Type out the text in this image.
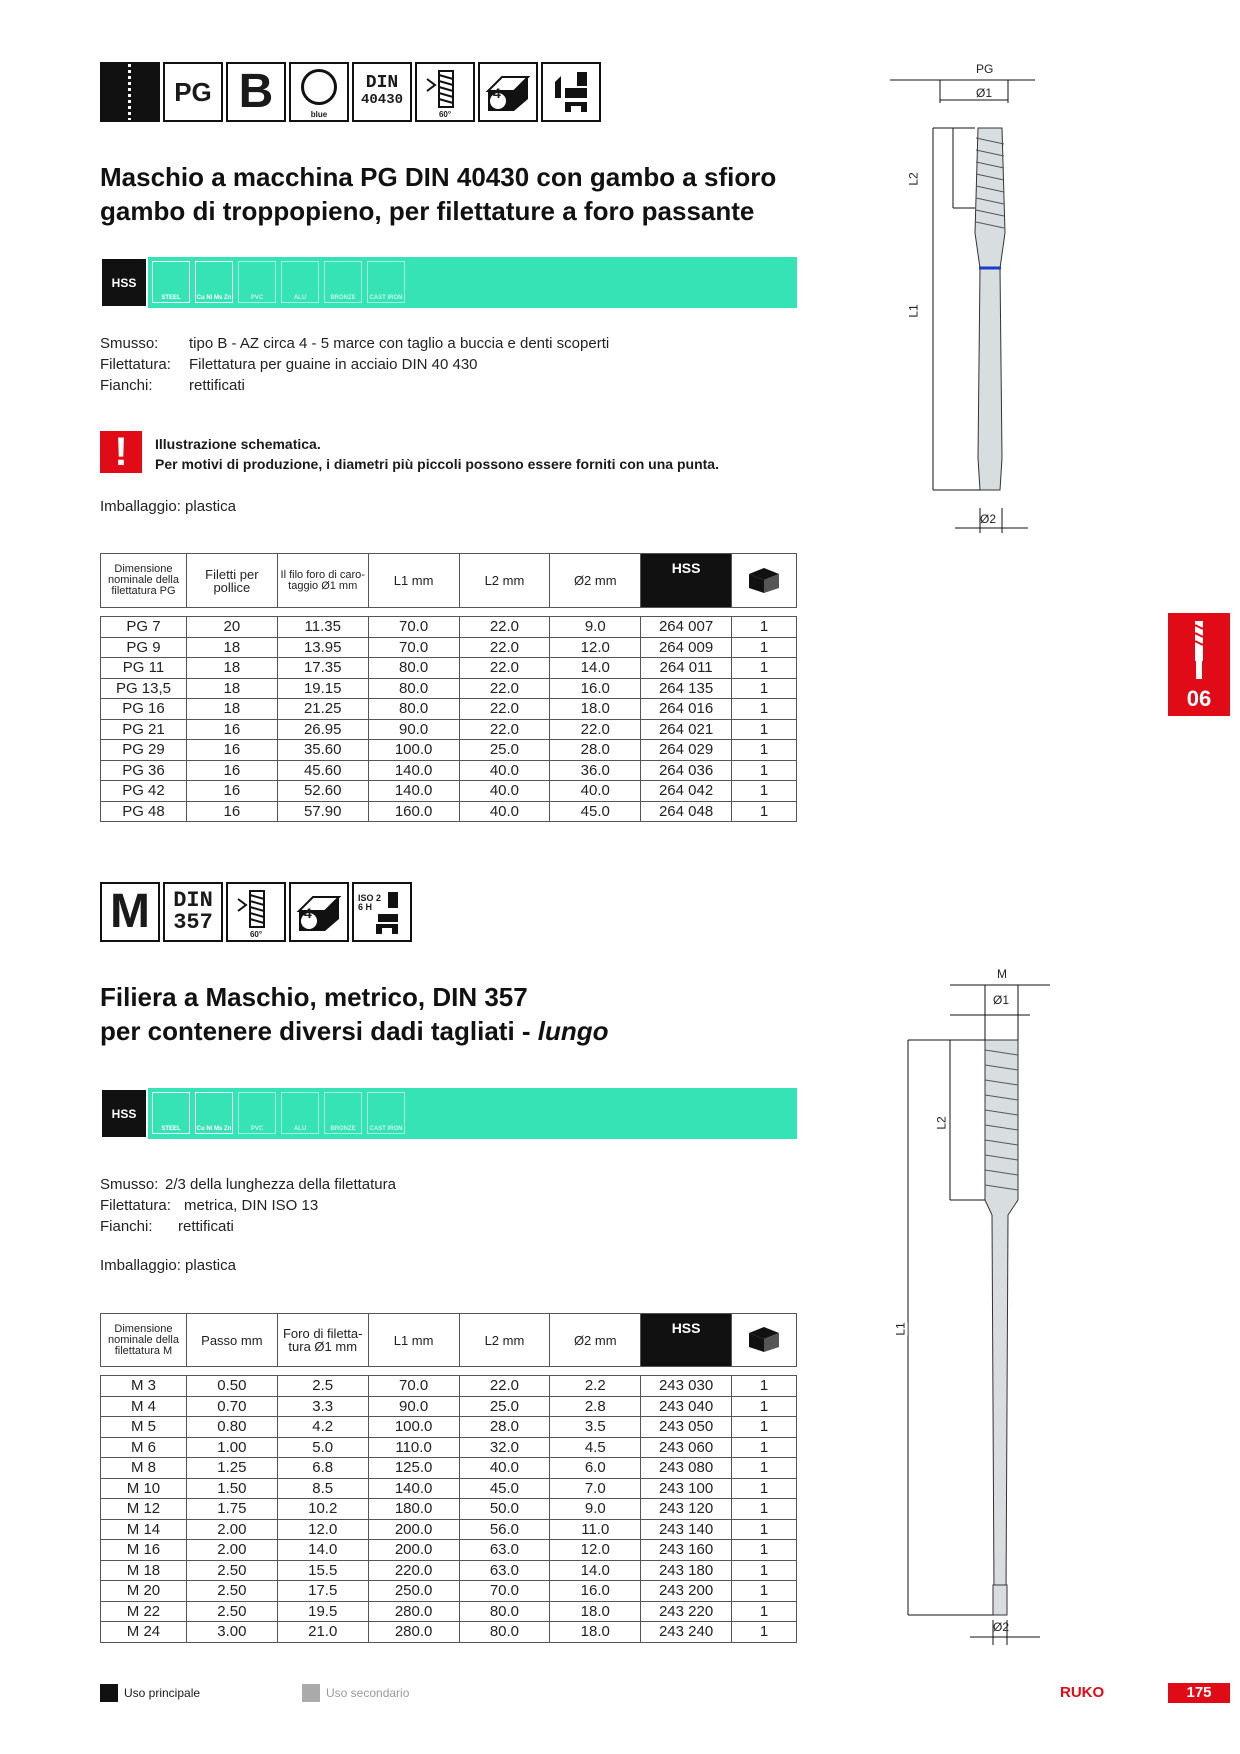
PG B	blue
DIN
40430
60°
4
Maschio a macchina PG DIN 40430 con gambo a sfioro
gambo di troppopieno, per filettature a foro passante
HSS
STEEL	Cu Ni Ms Zn	PVC	ALU	BRONZE	CAST IRON
Smusso: tipo B - AZ circa 4 - 5 marce con taglio a buccia e denti scoperti
Filettatura: Filettatura per guaine in acciaio DIN 40 430
Fianchi: rettificati
!	Illustrazione schematica.
Per motivi di produzione, i diametri più piccoli possono essere forniti con una punta.
Imballaggio: plastica
Dimensione nominale della filettatura PG	Filetti per pollice	Il filo foro di caro-taggio Ø1 mm	L1 mm	L2 mm	Ø2 mm	HSS	

PG 7	20	11.35	70.0	22.0	9.0	264 007	1
PG 9	18	13.95	70.0	22.0	12.0	264 009	1
PG 11	18	17.35	80.0	22.0	14.0	264 011	1
PG 13,5	18	19.15	80.0	22.0	16.0	264 135	1
PG 16	18	21.25	80.0	22.0	18.0	264 016	1
PG 21	16	26.95	90.0	22.0	22.0	264 021	1
PG 29	16	35.60	100.0	25.0	28.0	264 029	1
PG 36	16	45.60	140.0	40.0	36.0	264 036	1
PG 42	16	52.60	140.0	40.0	40.0	264 042	1
PG 48	16	57.90	160.0	40.0	45.0	264 048	1
PG
Ø1
L2
L1
Ø2
06
M DIN
357	60°
4
ISO 2
6 H
Filiera a Maschio, metrico, DIN 357
per contenere diversi dadi tagliati - lungo
HSS
STEEL	Cu Ni Ms Zn	PVC	ALU	BRONZE	CAST IRON
Smusso: 2/3 della lunghezza della filettatura
Filettatura: metrica, DIN ISO 13
Fianchi: rettificati
Imballaggio: plastica
Dimensione nominale della filettatura M	Passo mm	Foro di filetta-tura Ø1 mm	L1 mm	L2 mm	Ø2 mm	HSS	

M 3	0.50	2.5	70.0	22.0	2.2	243 030	1
M 4	0.70	3.3	90.0	25.0	2.8	243 040	1
M 5	0.80	4.2	100.0	28.0	3.5	243 050	1
M 6	1.00	5.0	110.0	32.0	4.5	243 060	1
M 8	1.25	6.8	125.0	40.0	6.0	243 080	1
M 10	1.50	8.5	140.0	45.0	7.0	243 100	1
M 12	1.75	10.2	180.0	50.0	9.0	243 120	1
M 14	2.00	12.0	200.0	56.0	11.0	243 140	1
M 16	2.00	14.0	200.0	63.0	12.0	243 160	1
M 18	2.50	15.5	220.0	63.0	14.0	243 180	1
M 20	2.50	17.5	250.0	70.0	16.0	243 200	1
M 22	2.50	19.5	280.0	80.0	18.0	243 220	1
M 24	3.00	21.0	280.0	80.0	18.0	243 240	1
M
Ø1
L2
L1
Ø2
Uso principale	Uso secondario	RUKO	175
